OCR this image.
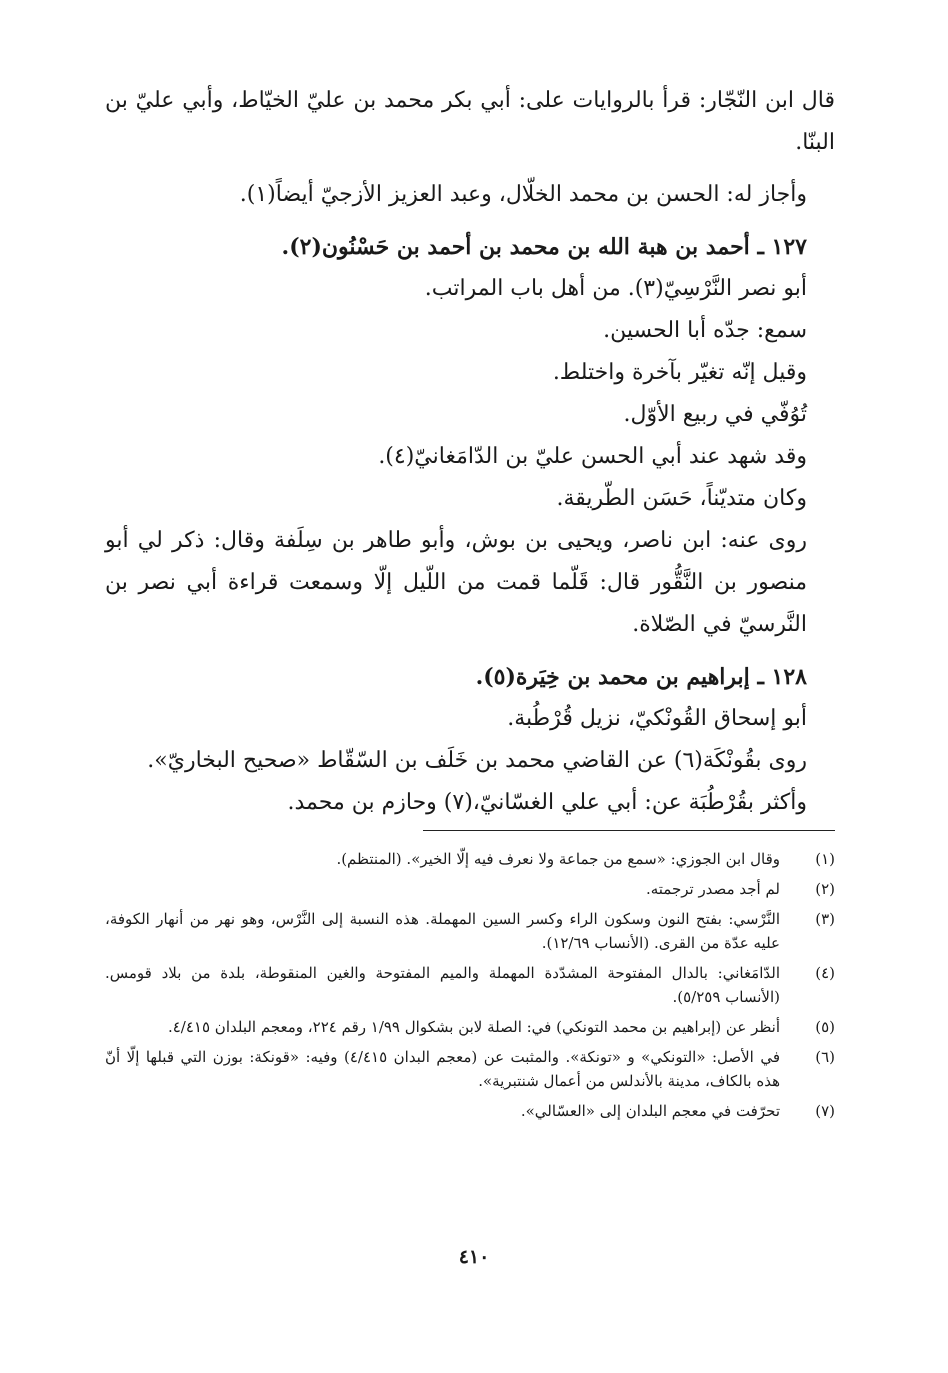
قال ابن النّجّار: قرأ بالروايات على: أبي بكر محمد بن عليّ الخيّاط، وأبي عليّ بن البنّا.

وأجاز له: الحسن بن محمد الخلّال، وعبد العزيز الأزجيّ أيضاً(١).

١٢٧ ـ أحمد بن هبة الله بن محمد بن أحمد بن حَسْنُون(٢).

أبو نصر النَّرْسِيّ(٣). من أهل باب المراتب.

سمع: جدّه أبا الحسين.

وقيل إنّه تغيّر بآخرة واختلط.

تُوُفّي في ربيع الأوّل.

وقد شهد عند أبي الحسن عليّ بن الدّامَغانيّ(٤).

وكان متديّناً، حَسَن الطّريقة.

روى عنه: ابن ناصر، ويحيى بن بوش، وأبو طاهر بن سِلَفة وقال: ذكر لي أبو منصور بن النَّقُّور قال: قَلّما قمت من اللّيل إلّا وسمعت قراءة أبي نصر بن النَّرسيّ في الصّلاة.

١٢٨ ـ إبراهيم بن محمد بن خِيَرة(٥).

أبو إسحاق القُونْكيّ، نزيل قُرْطُبة.

روى بقُونْكَة(٦) عن القاضي محمد بن خَلَف بن السّقّاط «صحيح البخاريّ».

وأكثر بقُرْطُبَة عن: أبي علي الغسّانيّ،(٧) وحازم بن محمد.

(١)
وقال ابن الجوزي: «سمع من جماعة ولا نعرف فيه إلّا الخير». (المنتظم).
(٢)
لم أجد مصدر ترجمته.
(٣)
النَّرْسي: بفتح النون وسكون الراء وكسر السين المهملة. هذه النسبة إلى النَّرْس، وهو نهر من أنهار الكوفة، عليه عدّة من القرى. (الأنساب ١٢/٦٩).
(٤)
الدّامَغاني: بالدال المفتوحة المشدّدة المهملة والميم المفتوحة والغين المنقوطة، بلدة من بلاد قومس. (الأنساب ٥/٢٥٩).
(٥)
أنظر عن (إبراهيم بن محمد التونكي) في: الصلة لابن بشكوال ١/٩٩ رقم ٢٢٤، ومعجم البلدان ٤/٤١٥.
(٦)
في الأصل: «التونكي» و «تونكة». والمثبت عن (معجم البدان ٤/٤١٥) وفيه: «قونكة: بوزن التي قبلها إلّا أنّ هذه بالكاف، مدينة بالأندلس من أعمال شنتبرية».
(٧)
تحرّفت في معجم البلدان إلى «العسّالي».
٤١٠
